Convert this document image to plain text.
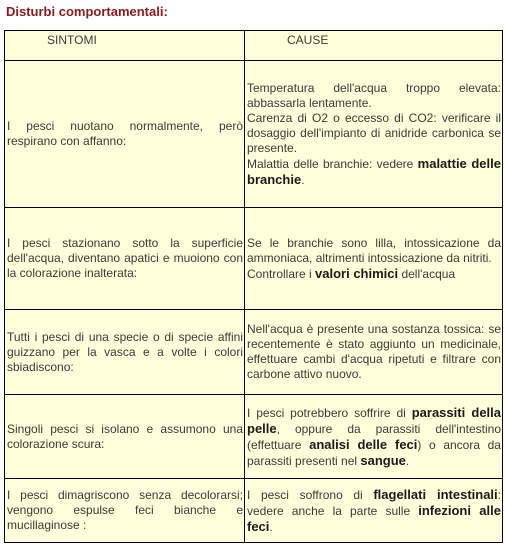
Disturbi comportamentali:
SINTOMI	CAUSE
I pesci nuotano normalmente, però respirano con affanno:	Temperatura dell'acqua troppo elevata: abbassarla lentamente.

Carenza di O2 o eccesso di CO2: verificare il dosaggio dell'impianto di anidride carbonica se presente.

Malattia delle branchie: vedere malattie delle branchie.

I pesci stazionano sotto la superficie dell'acqua, diventano apatici e muoiono con la colorazione inalterata:	Se le branchie sono lilla, intossicazione da ammoniaca, altrimenti intossicazione da nitriti.

Controllare i valori chimici dell'acqua

Tutti i pesci di una specie o di specie affini guizzano per la vasca e a volte i colori sbiadiscono:	Nell'acqua è presente una sostanza tossica: se recentemente è stato aggiunto un medicinale, effettuare cambi d'acqua ripetuti e filtrare con carbone attivo nuovo.

Singoli pesci si isolano e assumono una colorazione scura:	I pesci potrebbero soffrire di parassiti della pelle, oppure da parassiti dell'intestino (effettuare analisi delle feci) o ancora da parassiti presenti nel sangue.

I pesci dimagriscono senza decolorarsi; vengono espulse feci bianche e mucillaginose :	I pesci soffrono di flagellati intestinali: vedere anche la parte sulle infezioni alle feci.
